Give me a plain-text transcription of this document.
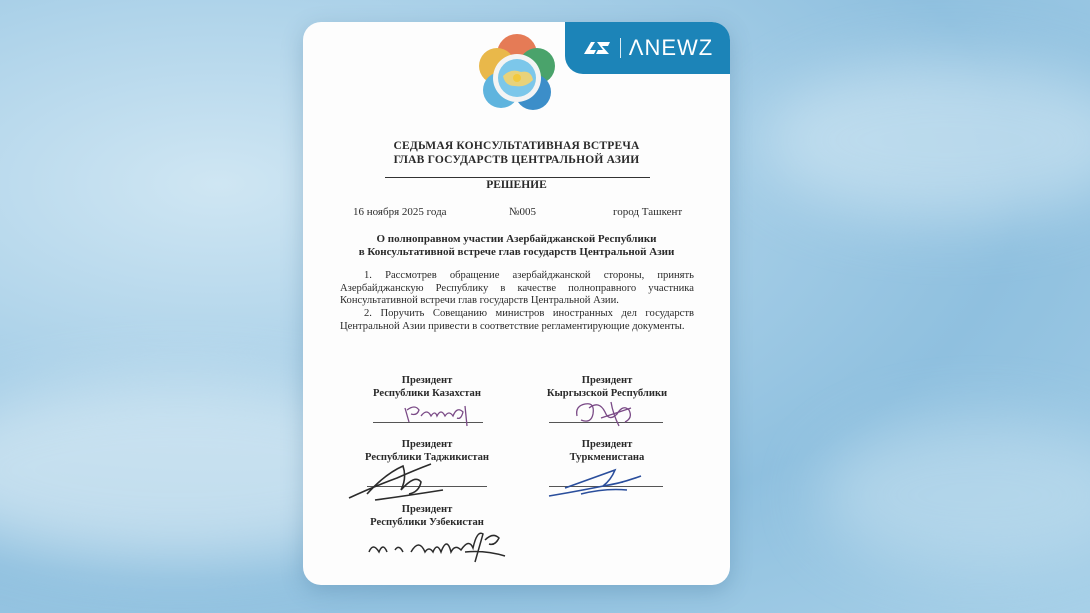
ΛNEWZ
СЕДЬМАЯ КОНСУЛЬТАТИВНАЯ ВСТРЕЧА
ГЛАВ ГОСУДАРСТВ ЦЕНТРАЛЬНОЙ АЗИИ
РЕШЕНИЕ
16 ноября 2025 года	№005	город Ташкент
О полноправном участии Азербайджанской Республики
в Консультативной встрече глав государств Центральной Азии
1. Рассмотрев обращение азербайджанской стороны, принять Азербайджанскую Республику в качестве полноправного участника Консультативной встречи глав государств Центральной Азии.
2. Поручить Совещанию министров иностранных дел государств Центральной Азии привести в соответствие регламентирующие документы.
Президент
Республики Казахстан
Президент
Кыргызской Республики
Президент
Республики Таджикистан
Президент
Туркменистана
Президент
Республики Узбекистан
